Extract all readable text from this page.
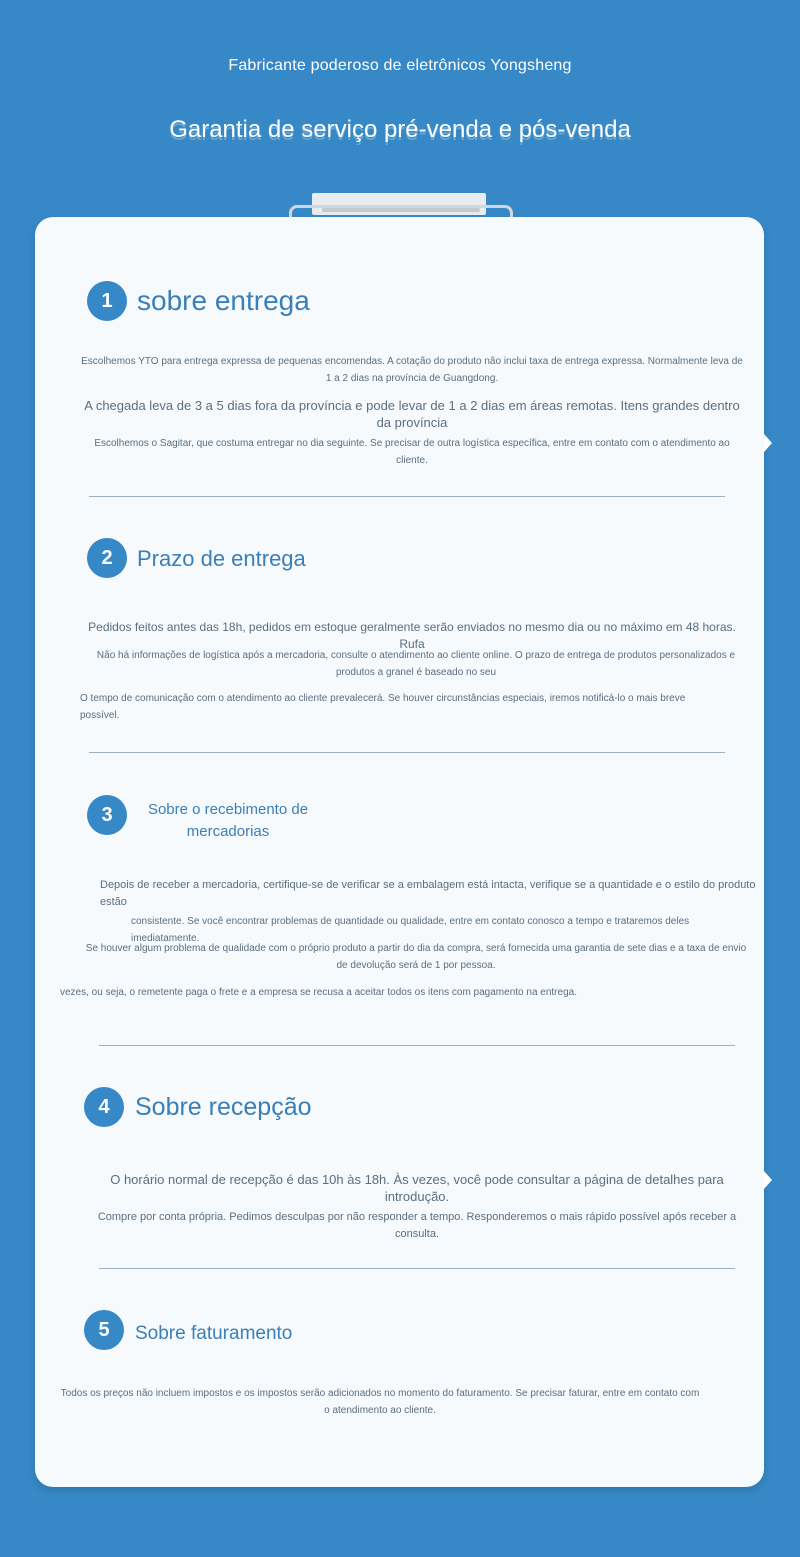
Fabricante poderoso de eletrônicos Yongsheng
Garantia de serviço pré-venda e pós-venda
1 sobre entrega
Escolhemos YTO para entrega expressa de pequenas encomendas. A cotação do produto não inclui taxa de entrega expressa. Normalmente leva de 1 a 2 dias na província de Guangdong.
A chegada leva de 3 a 5 dias fora da província e pode levar de 1 a 2 dias em áreas remotas. Itens grandes dentro da província
Escolhemos o Sagitar, que costuma entregar no dia seguinte. Se precisar de outra logística específica, entre em contato com o atendimento ao cliente.
2	Prazo de entrega
Pedidos feitos antes das 18h, pedidos em estoque geralmente serão enviados no mesmo dia ou no máximo em 48 horas. Rufa
Não há informações de logística após a mercadoria, consulte o atendimento ao cliente online. O prazo de entrega de produtos personalizados e produtos a granel é baseado no seu
O tempo de comunicação com o atendimento ao cliente prevalecerá. Se houver circunstâncias especiais, iremos notificá-lo o mais breve possível.
3	Sobre o recebimento de mercadorias
Depois de receber a mercadoria, certifique-se de verificar se a embalagem está intacta, verifique se a quantidade e o estilo do produto estão
consistente. Se você encontrar problemas de quantidade ou qualidade, entre em contato conosco a tempo e trataremos deles imediatamente.
Se houver algum problema de qualidade com o próprio produto a partir do dia da compra, será fornecida uma garantia de sete dias e a taxa de envio de devolução será de 1 por pessoa.
vezes, ou seja, o remetente paga o frete e a empresa se recusa a aceitar todos os itens com pagamento na entrega.
4	Sobre recepção
O horário normal de recepção é das 10h às 18h. Às vezes, você pode consultar a página de detalhes para introdução.
Compre por conta própria. Pedimos desculpas por não responder a tempo. Responderemos o mais rápido possível após receber a consulta.
5	Sobre faturamento
Todos os preços não incluem impostos e os impostos serão adicionados no momento do faturamento. Se precisar faturar, entre em contato com o atendimento ao cliente.
